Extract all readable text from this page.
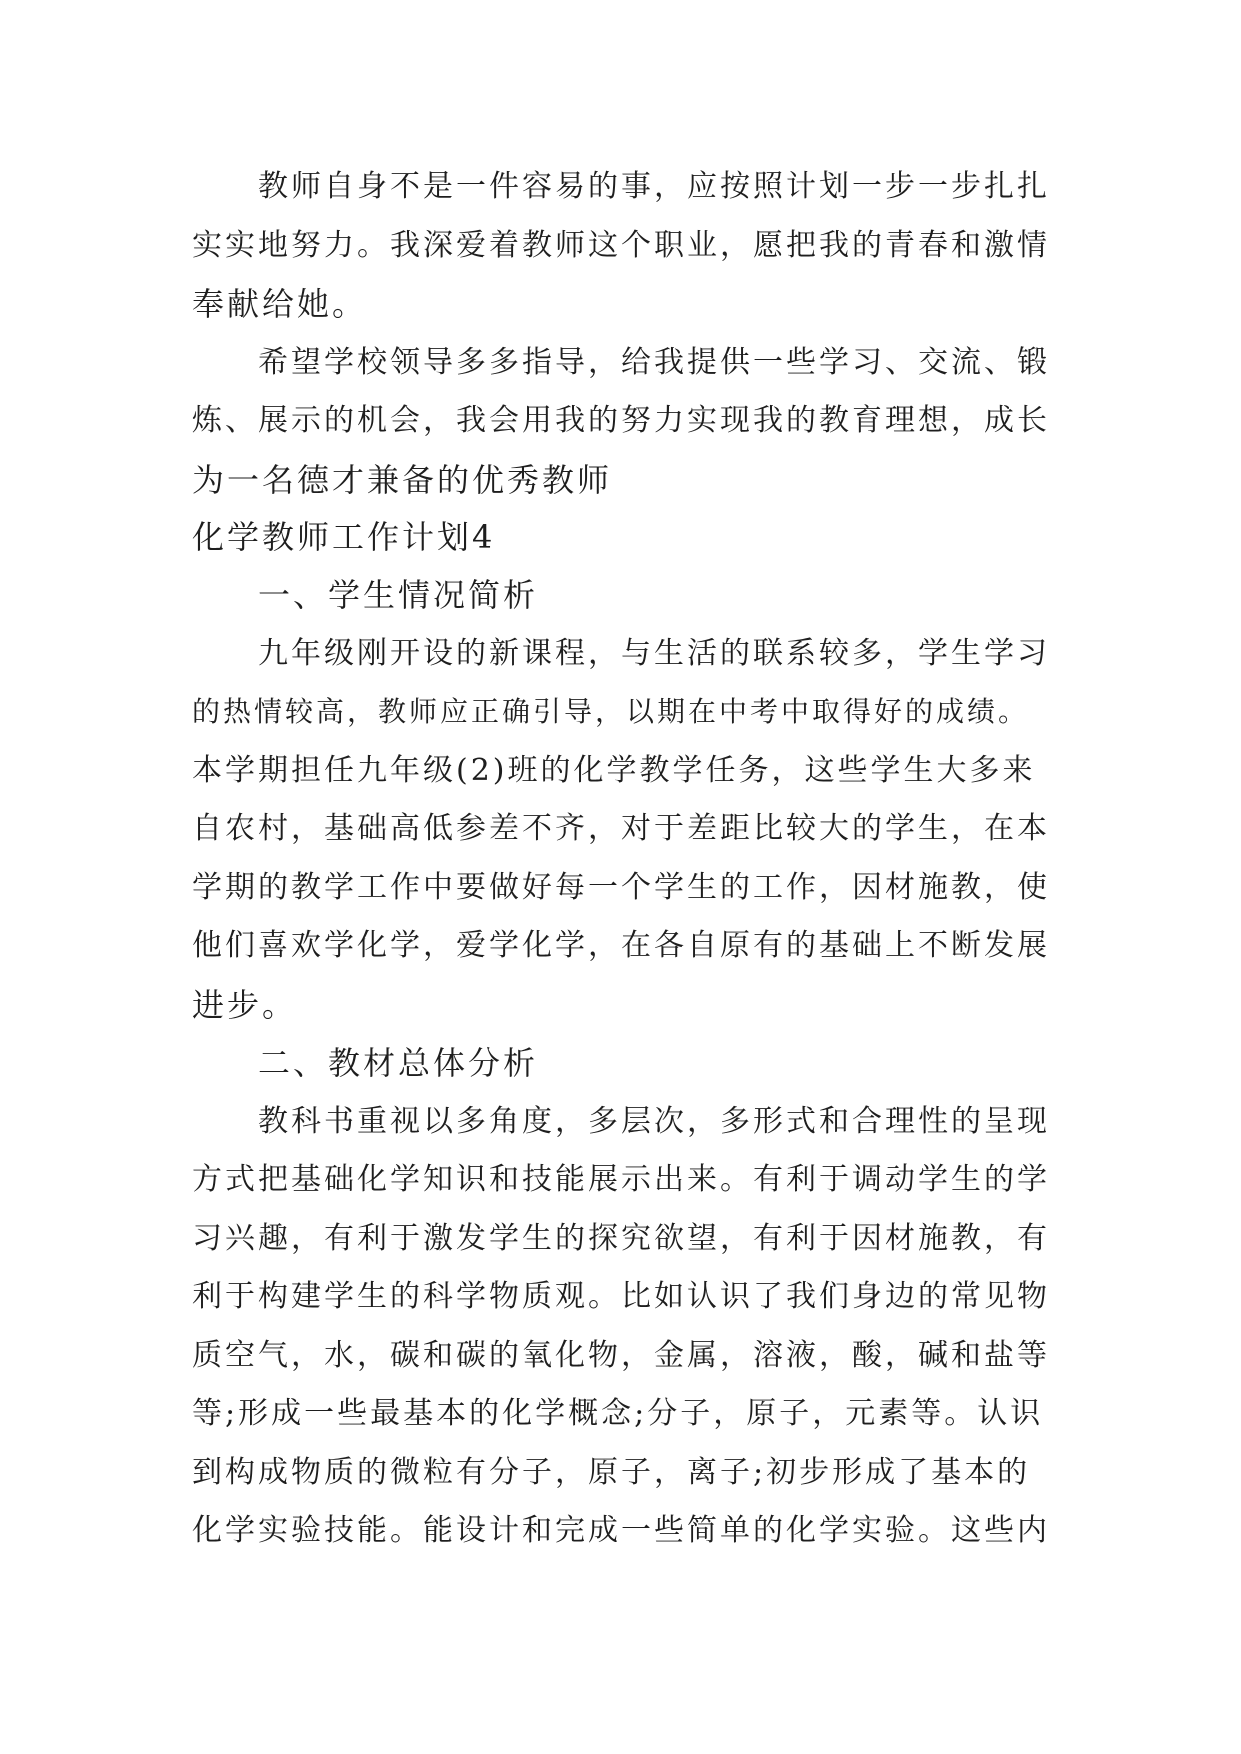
教师自身不是一件容易的事，应按照计划一步一步扎扎
实实地努力。我深爱着教师这个职业，愿把我的青春和激情
奉献给她。
希望学校领导多多指导，给我提供一些学习、交流、锻
炼、展示的机会，我会用我的努力实现我的教育理想，成长
为一名德才兼备的优秀教师
化学教师工作计划4
一、学生情况简析
九年级刚开设的新课程，与生活的联系较多，学生学习
的热情较高，教师应正确引导，以期在中考中取得好的成绩。
本学期担任九年级(2)班的化学教学任务，这些学生大多来
自农村，基础高低参差不齐，对于差距比较大的学生，在本
学期的教学工作中要做好每一个学生的工作，因材施教，使
他们喜欢学化学，爱学化学，在各自原有的基础上不断发展
进步。
二、教材总体分析
教科书重视以多角度，多层次，多形式和合理性的呈现
方式把基础化学知识和技能展示出来。有利于调动学生的学
习兴趣，有利于激发学生的探究欲望，有利于因材施教，有
利于构建学生的科学物质观。比如认识了我们身边的常见物
质空气，水，碳和碳的氧化物，金属，溶液，酸，碱和盐等
等;形成一些最基本的化学概念;分子，原子，元素等。认识
到构成物质的微粒有分子，原子，离子;初步形成了基本的
化学实验技能。能设计和完成一些简单的化学实验。这些内
